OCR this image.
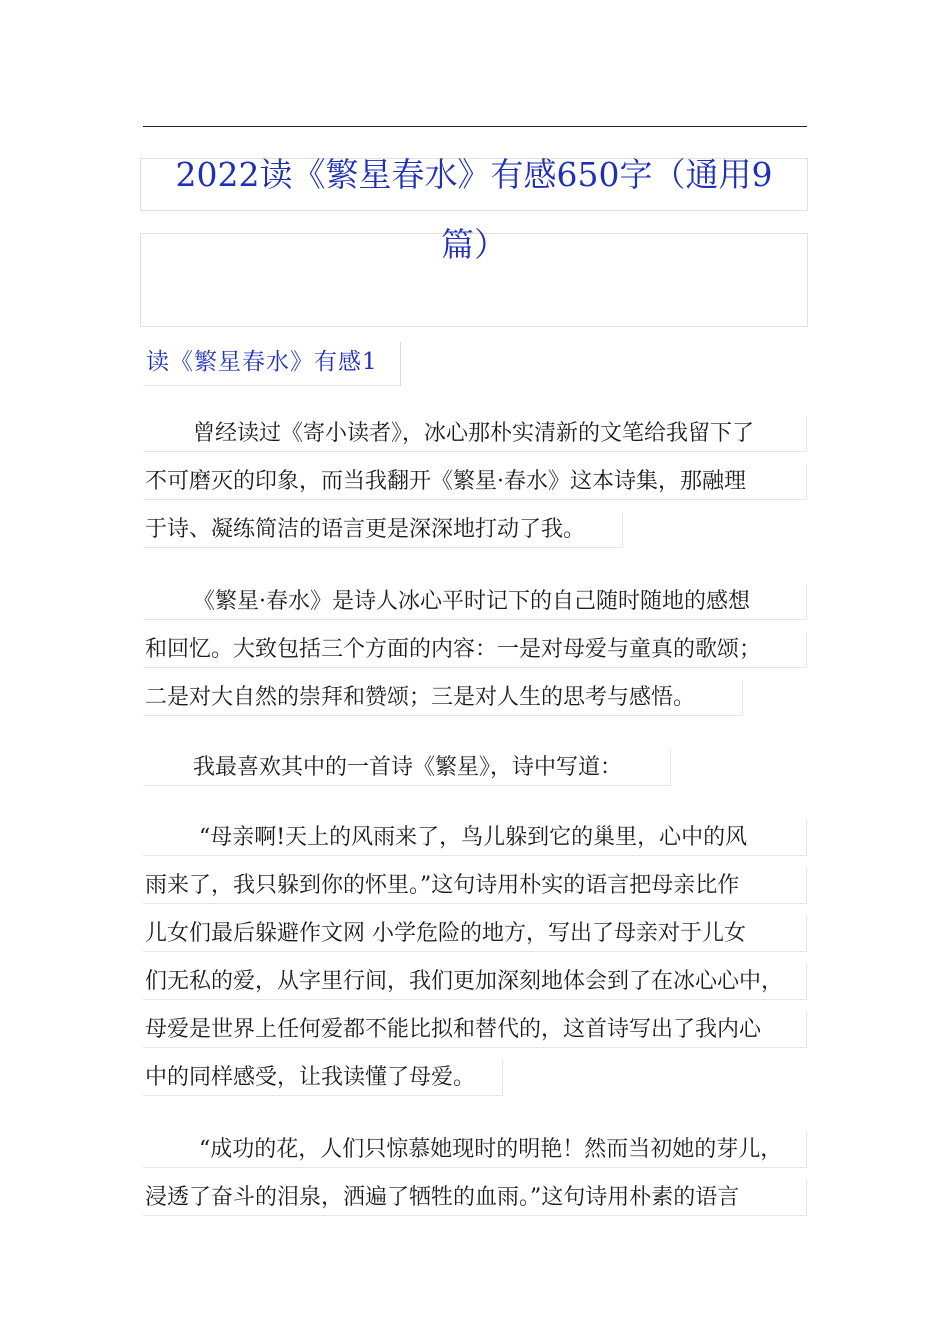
2022读《繁星春水》有感650字（通用9
篇）
读《繁星春水》有感1
曾经读过《寄小读者》，冰心那朴实清新的文笔给我留下了
不可磨灭的印象，而当我翻开《繁星·春水》这本诗集，那融理
于诗、凝练简洁的语言更是深深地打动了我。
《繁星·春水》是诗人冰心平时记下的自己随时随地的感想
和回忆。大致包括三个方面的内容：一是对母爱与童真的歌颂；
二是对大自然的崇拜和赞颂；三是对人生的思考与感悟。
我最喜欢其中的一首诗《繁星》，诗中写道：
“母亲啊!天上的风雨来了，鸟儿躲到它的巢里，心中的风
雨来了，我只躲到你的怀里。”这句诗用朴实的语言把母亲比作
儿女们最后躲避作文网 小学危险的地方，写出了母亲对于儿女
们无私的爱，从字里行间，我们更加深刻地体会到了在冰心心中，
母爱是世界上任何爱都不能比拟和替代的，这首诗写出了我内心
中的同样感受，让我读懂了母爱。
“成功的花，人们只惊慕她现时的明艳！然而当初她的芽儿，
浸透了奋斗的泪泉，洒遍了牺牲的血雨。”这句诗用朴素的语言
